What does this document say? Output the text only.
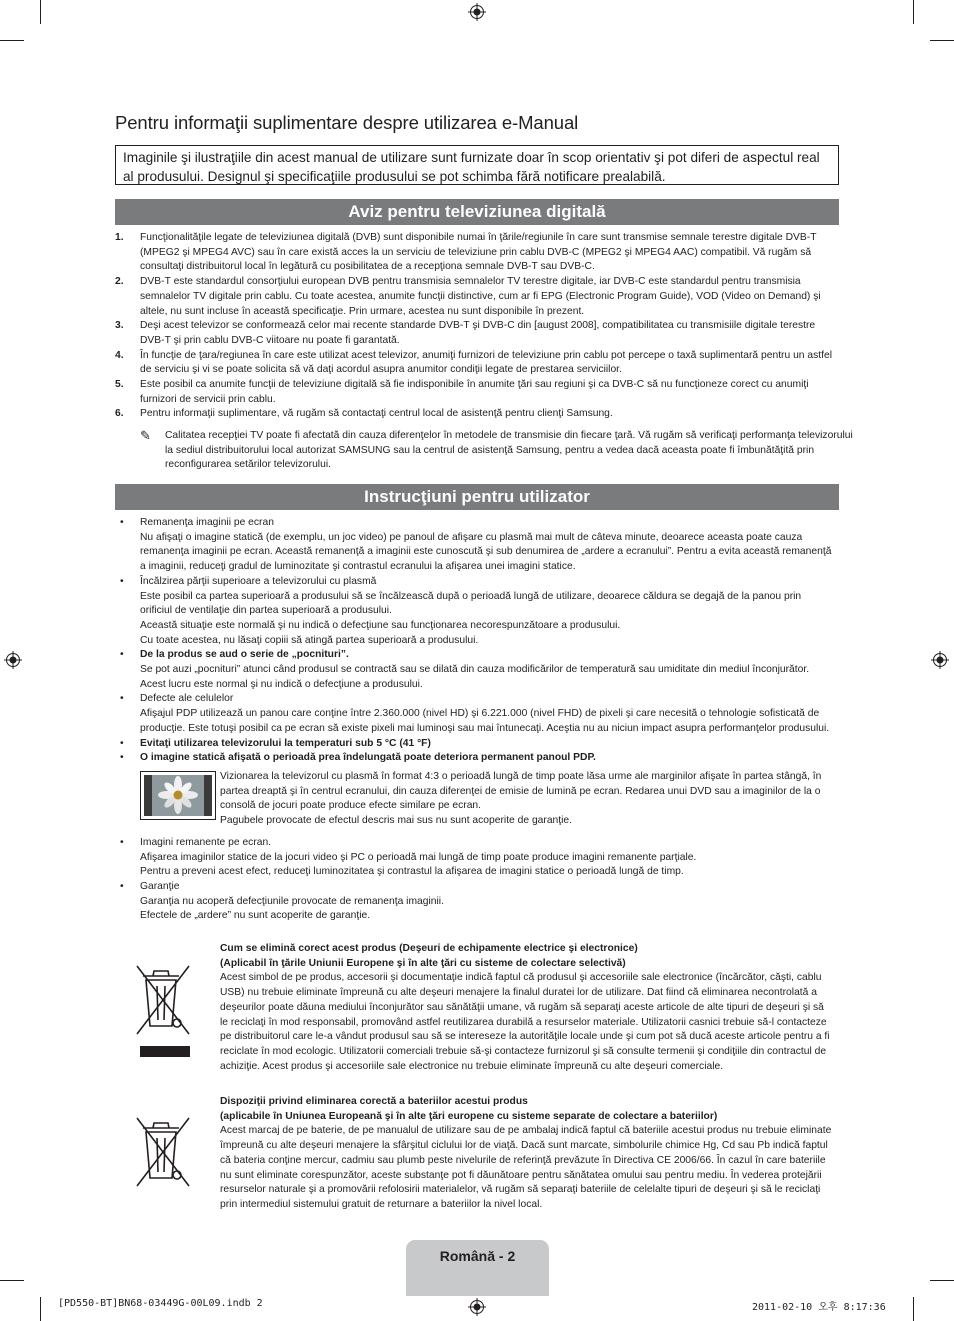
Pentru informaţii suplimentare despre utilizarea e-Manual
Imaginile şi ilustraţiile din acest manual de utilizare sunt furnizate doar în scop orientativ şi pot diferi de aspectul real al produsului. Designul şi specificaţiile produsului se pot schimba fără notificare prealabilă.
Aviz pentru televiziunea digitală
1. Funcţionalităţile legate de televiziunea digitală (DVB) sunt disponibile numai în ţările/regiunile în care sunt transmise semnale terestre digitale DVB-T (MPEG2 şi MPEG4 AVC) sau în care există acces la un serviciu de televiziune prin cablu DVB-C (MPEG2 şi MPEG4 AAC) compatibil. Vă rugăm să consultaţi distribuitorul local în legătură cu posibilitatea de a recepţiona semnale DVB-T sau DVB-C.
2. DVB-T este standardul consorţiului european DVB pentru transmisia semnalelor TV terestre digitale, iar DVB-C este standardul pentru transmisia semnalelor TV digitale prin cablu. Cu toate acestea, anumite funcţii distinctive, cum ar fi EPG (Electronic Program Guide), VOD (Video on Demand) şi altele, nu sunt incluse în această specificaţie. Prin urmare, acestea nu sunt disponibile în prezent.
3. Deşi acest televizor se conformează celor mai recente standarde DVB-T şi DVB-C din [august 2008], compatibilitatea cu transmisiile digitale terestre DVB-T şi prin cablu DVB-C viitoare nu poate fi garantată.
4. În funcţie de ţara/regiunea în care este utilizat acest televizor, anumiţi furnizori de televiziune prin cablu pot percepe o taxă suplimentară pentru un astfel de serviciu şi vi se poate solicita să vă daţi acordul asupra anumitor condiţii legate de prestarea serviciilor.
5. Este posibil ca anumite funcţii de televiziune digitală să fie indisponibile în anumite ţări sau regiuni şi ca DVB-C să nu funcţioneze corect cu anumiţi furnizori de servicii prin cablu.
6. Pentru informaţii suplimentare, vă rugăm să contactaţi centrul local de asistenţă pentru clienţi Samsung.
✎ Calitatea recepţiei TV poate fi afectată din cauza diferenţelor în metodele de transmisie din fiecare ţară. Vă rugăm să verificaţi performanţa televizorului la sediul distribuitorului local autorizat SAMSUNG sau la centrul de asistenţă Samsung, pentru a vedea dacă aceasta poate fi îmbunătăţită prin reconfigurarea setărilor televizorului.
Instrucţiuni pentru utilizator
• Remanenţa imaginii pe ecran
Nu afişaţi o imagine statică (de exemplu, un joc video) pe panoul de afişare cu plasmă mai mult de câteva minute, deoarece aceasta poate cauza remanenţa imaginii pe ecran. Această remanenţă a imaginii este cunoscută şi sub denumirea de „ardere a ecranului”. Pentru a evita această remanenţă a imaginii, reduceţi gradul de luminozitate şi contrastul ecranului la afişarea unei imagini statice.
• Încălzirea părţii superioare a televizorului cu plasmă
Este posibil ca partea superioară a produsului să se încălzească după o perioadă lungă de utilizare, deoarece căldura se degajă de la panou prin orificiul de ventilaţie din partea superioară a produsului.
Această situaţie este normală şi nu indică o defecţiune sau funcţionarea necorespunzătoare a produsului.
Cu toate acestea, nu lăsaţi copiii să atingă partea superioară a produsului.
• De la produs se aud o serie de „pocnituri”.
Se pot auzi „pocnituri” atunci când produsul se contractă sau se dilată din cauza modificărilor de temperatură sau umiditate din mediul înconjurător.
Acest lucru este normal şi nu indică o defecţiune a produsului.
• Defecte ale celulelor
Afişajul PDP utilizează un panou care conţine între 2.360.000 (nivel HD) şi 6.221.000 (nivel FHD) de pixeli şi care necesită o tehnologie sofisticată de producţie. Este totuşi posibil ca pe ecran să existe pixeli mai luminoşi sau mai întunecaţi. Aceştia nu au niciun impact asupra performanţelor produsului.
• Evitaţi utilizarea televizorului la temperaturi sub 5 °C (41 °F)
• O imagine statică afişată o perioadă prea îndelungată poate deteriora permanent panoul PDP.
Vizionarea la televizorul cu plasmă în format 4:3 o perioadă lungă de timp poate lăsa urme ale marginilor afişate în partea stângă, în partea dreaptă şi în centrul ecranului, din cauza diferenţei de emisie de lumină pe ecran. Redarea unui DVD sau a imaginilor de la o consolă de jocuri poate produce efecte similare pe ecran.
Pagubele provocate de efectul descris mai sus nu sunt acoperite de garanţie.
• Imagini remanente pe ecran.
Afişarea imaginilor statice de la jocuri video şi PC o perioadă mai lungă de timp poate produce imagini remanente parţiale.
Pentru a preveni acest efect, reduceţi luminozitatea şi contrastul la afişarea de imagini statice o perioadă lungă de timp.
• Garanţie
Garanţia nu acoperă defecţiunile provocate de remanenţa imaginii.
Efectele de „ardere” nu sunt acoperite de garanţie.
Cum se elimină corect acest produs (Deşeuri de echipamente electrice şi electronice)
(Aplicabil în ţările Uniunii Europene şi în alte ţări cu sisteme de colectare selectivă)
Acest simbol de pe produs, accesorii şi documentaţie indică faptul că produsul şi accesoriile sale electronice (încărcător, căşti, cablu USB) nu trebuie eliminate împreună cu alte deşeuri menajere la finalul duratei lor de utilizare. Dat fiind că eliminarea necontrolată a deşeurilor poate dăuna mediului înconjurător sau sănătăţii umane, vă rugăm să separaţi aceste articole de alte tipuri de deşeuri şi să le reciclaţi în mod responsabil, promovând astfel reutilizarea durabilă a resurselor materiale. Utilizatorii casnici trebuie să-l contacteze pe distribuitorul care le-a vândut produsul sau să se intereseze la autorităţile locale unde şi cum pot să ducă aceste articole pentru a fi reciclate în mod ecologic. Utilizatorii comerciali trebuie să-şi contacteze furnizorul şi să consulte termenii şi condiţiile din contractul de achiziţie. Acest produs şi accesoriile sale electronice nu trebuie eliminate împreună cu alte deşeuri comerciale.
Dispoziţii privind eliminarea corectă a bateriilor acestui produs
(aplicabile în Uniunea Europeană şi în alte ţări europene cu sisteme separate de colectare a bateriilor)
Acest marcaj de pe baterie, de pe manualul de utilizare sau de pe ambalaj indică faptul că bateriile acestui produs nu trebuie eliminate împreună cu alte deşeuri menajere la sfârşitul ciclului lor de viaţă. Dacă sunt marcate, simbolurile chimice Hg, Cd sau Pb indică faptul că bateria conţine mercur, cadmiu sau plumb peste nivelurile de referinţă prevăzute în Directiva CE 2006/66. În cazul în care bateriile nu sunt eliminate corespunzător, aceste substanţe pot fi dăunătoare pentru sănătatea omului sau pentru mediu. În vederea protejării resurselor naturale şi a promovării refolosirii materialelor, vă rugăm să separaţi bateriile de celelalte tipuri de deşeuri şi să le reciclaţi prin intermediul sistemului gratuit de returnare a bateriilor la nivel local.
Română - 2
[PD550-BT]BN68-03449G-00L09.indb 2	2011-02-10 오후 8:17:36
